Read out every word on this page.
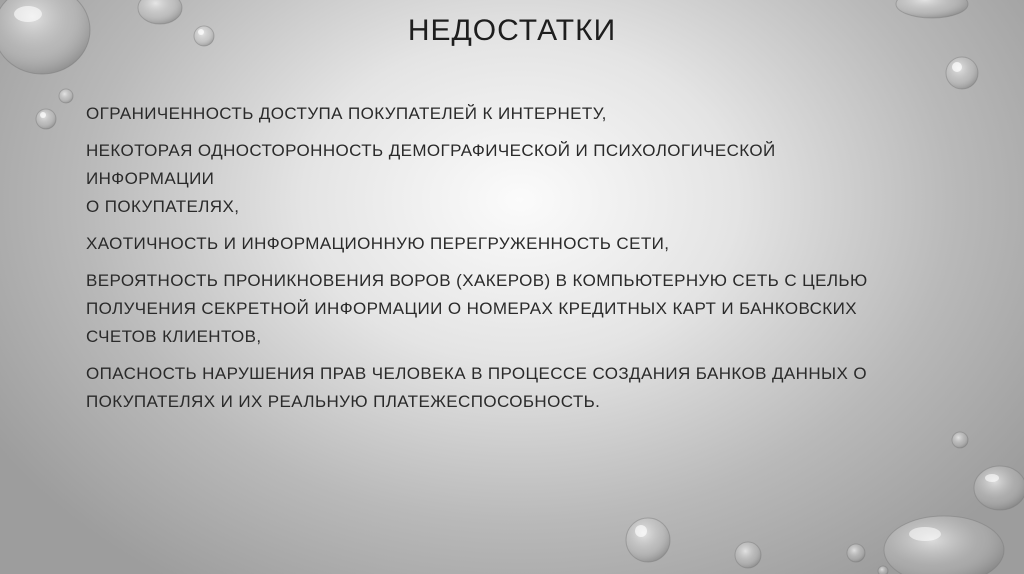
НЕДОСТАТКИ
ОГРАНИЧЕННОСТЬ ДОСТУПА ПОКУПАТЕЛЕЙ К ИНТЕРНЕТУ,
НЕКОТОРАЯ ОДНОСТОРОННОСТЬ ДЕМОГРАФИЧЕСКОЙ И ПСИХОЛОГИЧЕСКОЙ ИНФОРМАЦИИ
О ПОКУПАТЕЛЯХ,
ХАОТИЧНОСТЬ И ИНФОРМАЦИОННУЮ ПЕРЕГРУЖЕННОСТЬ СЕТИ,
ВЕРОЯТНОСТЬ ПРОНИКНОВЕНИЯ ВОРОВ (ХАКЕРОВ) В КОМПЬЮТЕРНУЮ СЕТЬ С ЦЕЛЬЮ
ПОЛУЧЕНИЯ СЕКРЕТНОЙ ИНФОРМАЦИИ О НОМЕРАХ КРЕДИТНЫХ КАРТ И БАНКОВСКИХ
СЧЕТОВ КЛИЕНТОВ,
ОПАСНОСТЬ НАРУШЕНИЯ ПРАВ ЧЕЛОВЕКА В ПРОЦЕССЕ СОЗДАНИЯ БАНКОВ ДАННЫХ О
ПОКУПАТЕЛЯХ И ИХ РЕАЛЬНУЮ ПЛАТЕЖЕСПОСОБНОСТЬ.
